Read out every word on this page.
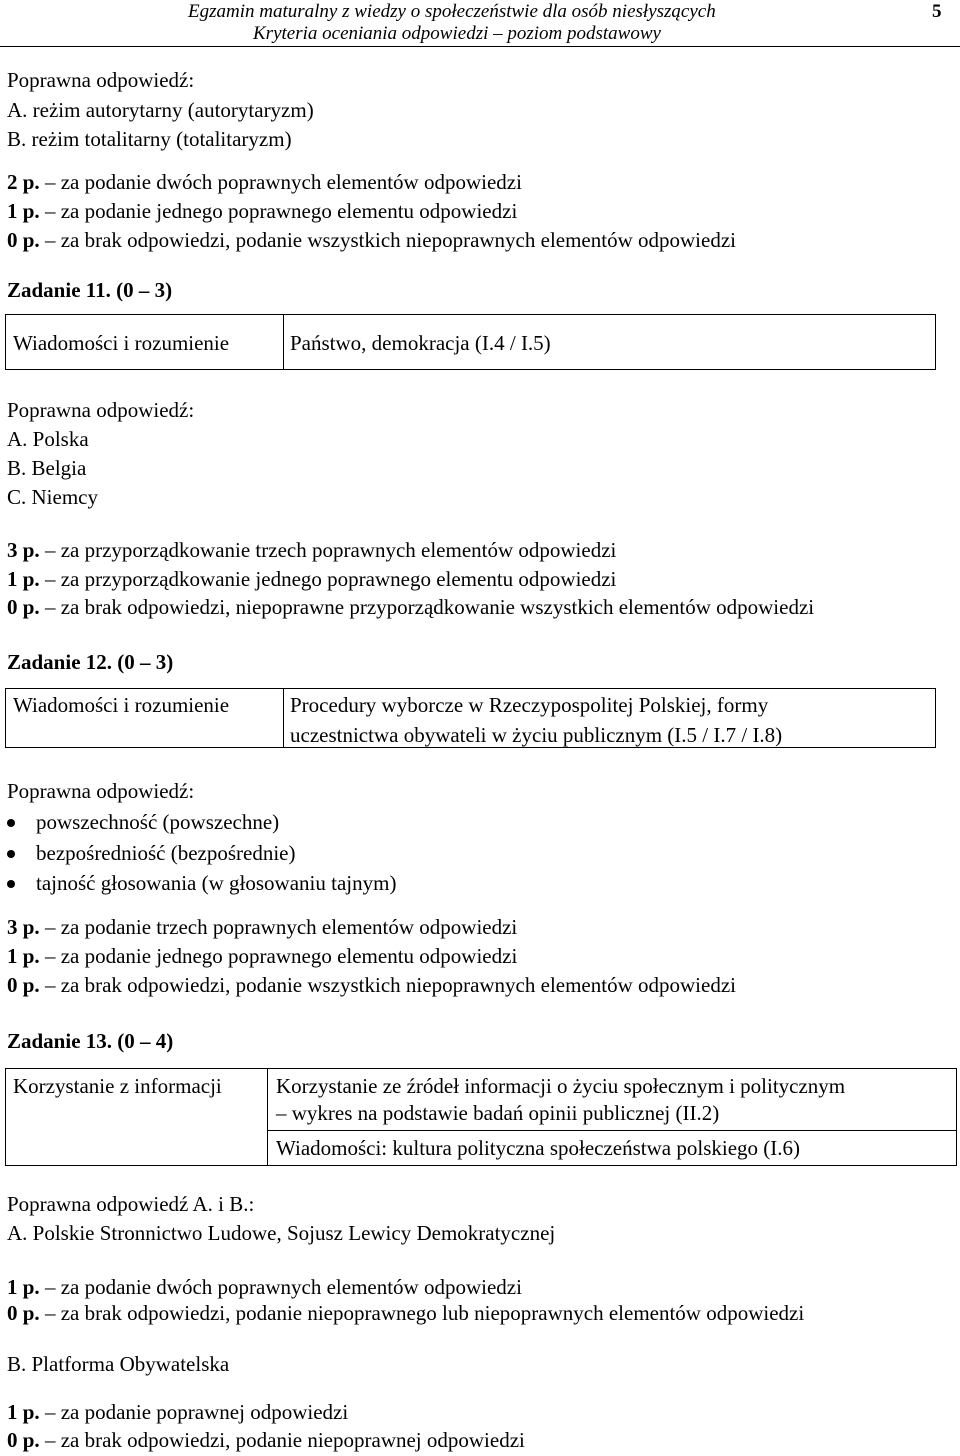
Egzamin maturalny z wiedzy o społeczeństwie dla osób niesłyszących
Kryteria oceniania odpowiedzi – poziom podstawowy
5
Poprawna odpowiedź:
A. reżim autorytarny (autorytaryzm)
B. reżim totalitarny (totalitaryzm)
2 p. – za podanie dwóch poprawnych elementów odpowiedzi
1 p. – za podanie jednego poprawnego elementu odpowiedzi
0 p. – za brak odpowiedzi, podanie wszystkich niepoprawnych elementów odpowiedzi
Zadanie 11. (0 – 3)
Wiadomości i rozumienie	Państwo, demokracja (I.4 / I.5)
Poprawna odpowiedź:
A. Polska
B. Belgia
C. Niemcy
3 p. – za przyporządkowanie trzech poprawnych elementów odpowiedzi
1 p. – za przyporządkowanie jednego poprawnego elementu odpowiedzi
0 p. – za brak odpowiedzi, niepoprawne przyporządkowanie wszystkich elementów odpowiedzi
Zadanie 12. (0 – 3)
Wiadomości i rozumienie	Procedury wyborcze w Rzeczypospolitej Polskiej, formy
uczestnictwa obywateli w życiu publicznym (I.5 / I.7 / I.8)
Poprawna odpowiedź:
powszechność (powszechne)
bezpośredniość (bezpośrednie)
tajność głosowania (w głosowaniu tajnym)
3 p. – za podanie trzech poprawnych elementów odpowiedzi
1 p. – za podanie jednego poprawnego elementu odpowiedzi
0 p. – za brak odpowiedzi, podanie wszystkich niepoprawnych elementów odpowiedzi
Zadanie 13. (0 – 4)
Korzystanie z informacji	Korzystanie ze źródeł informacji o życiu społecznym i politycznym
– wykres na podstawie badań opinii publicznej (II.2)
Wiadomości: kultura polityczna społeczeństwa polskiego (I.6)
Poprawna odpowiedź A. i B.:
A. Polskie Stronnictwo Ludowe, Sojusz Lewicy Demokratycznej
1 p. – za podanie dwóch poprawnych elementów odpowiedzi
0 p. – za brak odpowiedzi, podanie niepoprawnego lub niepoprawnych elementów odpowiedzi
B. Platforma Obywatelska
1 p. – za podanie poprawnej odpowiedzi
0 p. – za brak odpowiedzi, podanie niepoprawnej odpowiedzi
